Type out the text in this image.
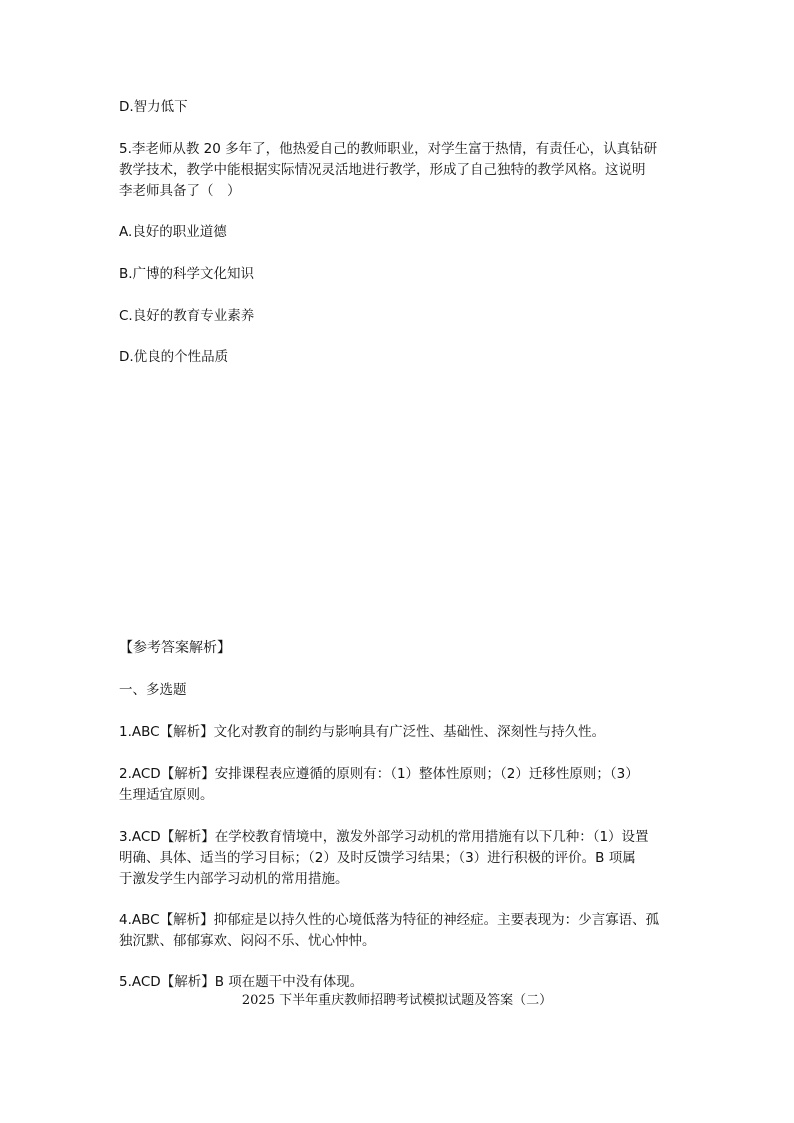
D.智力低下
5.李老师从教 20 多年了，他热爱自己的教师职业，对学生富于热情，有责任心，认真钻研
教学技术，教学中能根据实际情况灵活地进行教学，形成了自己独特的教学风格。这说明
李老师具备了（　）
A.良好的职业道德
B.广博的科学文化知识
C.良好的教育专业素养
D.优良的个性品质
【参考答案解析】
一、多选题
1.ABC【解析】文化对教育的制约与影响具有广泛性、基础性、深刻性与持久性。
2.ACD【解析】安排课程表应遵循的原则有：（1）整体性原则；（2）迁移性原则；（3）
生理适宜原则。
3.ACD【解析】在学校教育情境中，激发外部学习动机的常用措施有以下几种：（1）设置
明确、具体、适当的学习目标；（2）及时反馈学习结果；（3）进行积极的评价。B 项属
于激发学生内部学习动机的常用措施。
4.ABC【解析】抑郁症是以持久性的心境低落为特征的神经症。主要表现为：少言寡语、孤
独沉默、郁郁寡欢、闷闷不乐、忧心忡忡。
5.ACD【解析】B 项在题干中没有体现。
2025 下半年重庆教师招聘考试模拟试题及答案（二）
